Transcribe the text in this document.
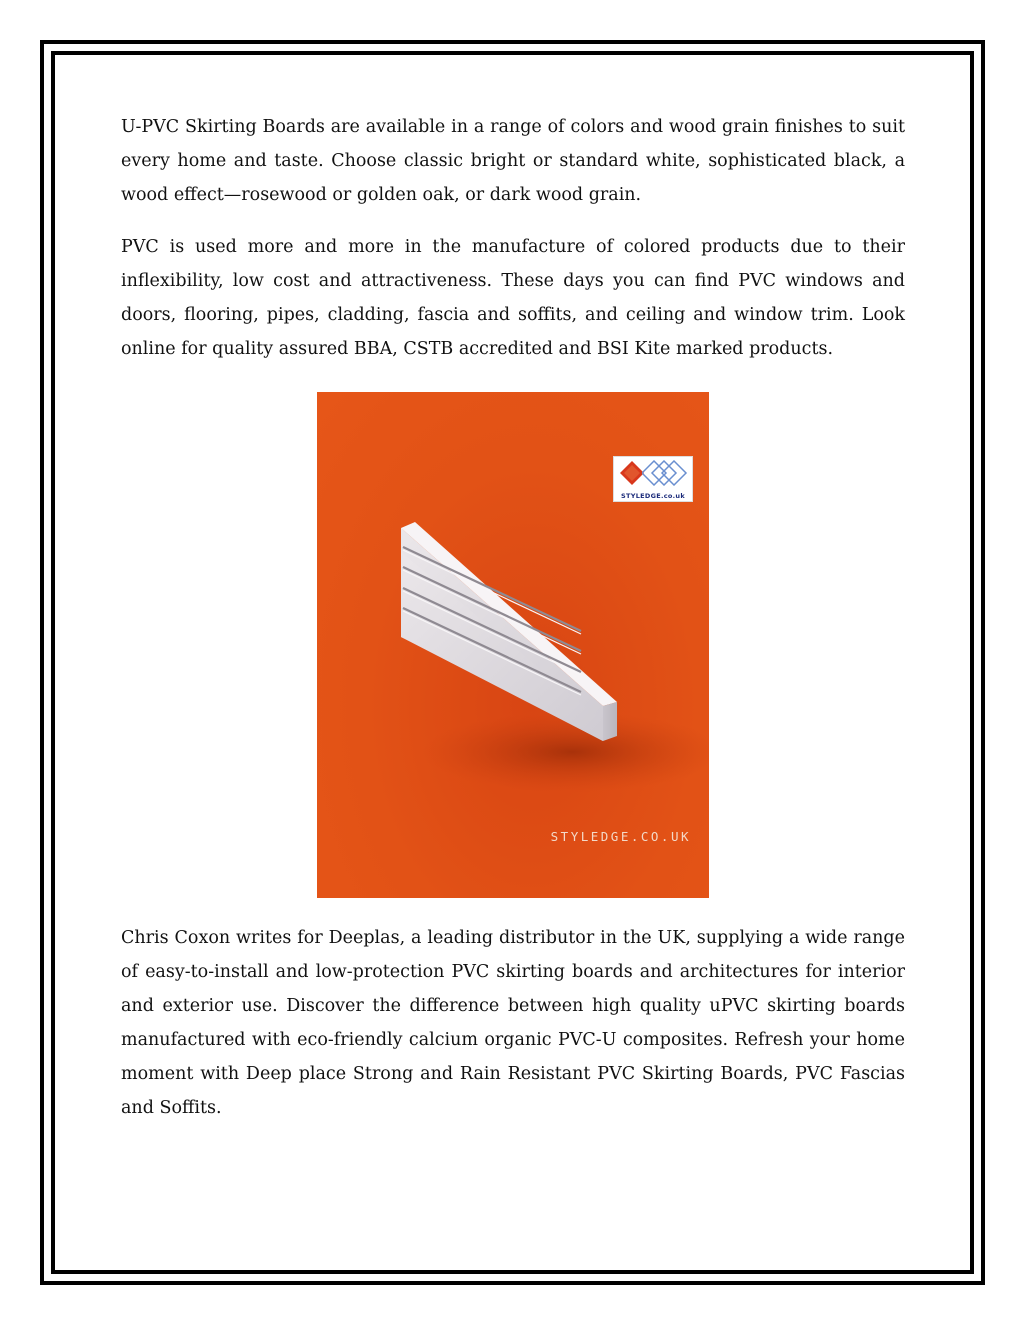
U-PVC Skirting Boards are available in a range of colors and wood grain finishes to suit every home and taste. Choose classic bright or standard white, sophisticated black, a wood effect—rosewood or golden oak, or dark wood grain.

PVC is used more and more in the manufacture of colored products due to their inflexibility, low cost and attractiveness. These days you can find PVC windows and doors, flooring, pipes, cladding, fascia and soffits, and ceiling and window trim. Look online for quality assured BBA, CSTB accredited and BSI Kite marked products.

STYLEDGE.co.uk
STYLEDGE.CO.UK

Chris Coxon writes for Deeplas, a leading distributor in the UK, supplying a wide range of easy-to-install and low-protection PVC skirting boards and architectures for interior and exterior use. Discover the difference between high quality uPVC skirting boards manufactured with eco-friendly calcium organic PVC-U composites. Refresh your home moment with Deep place Strong and Rain Resistant PVC Skirting Boards, PVC Fascias and Soffits.
